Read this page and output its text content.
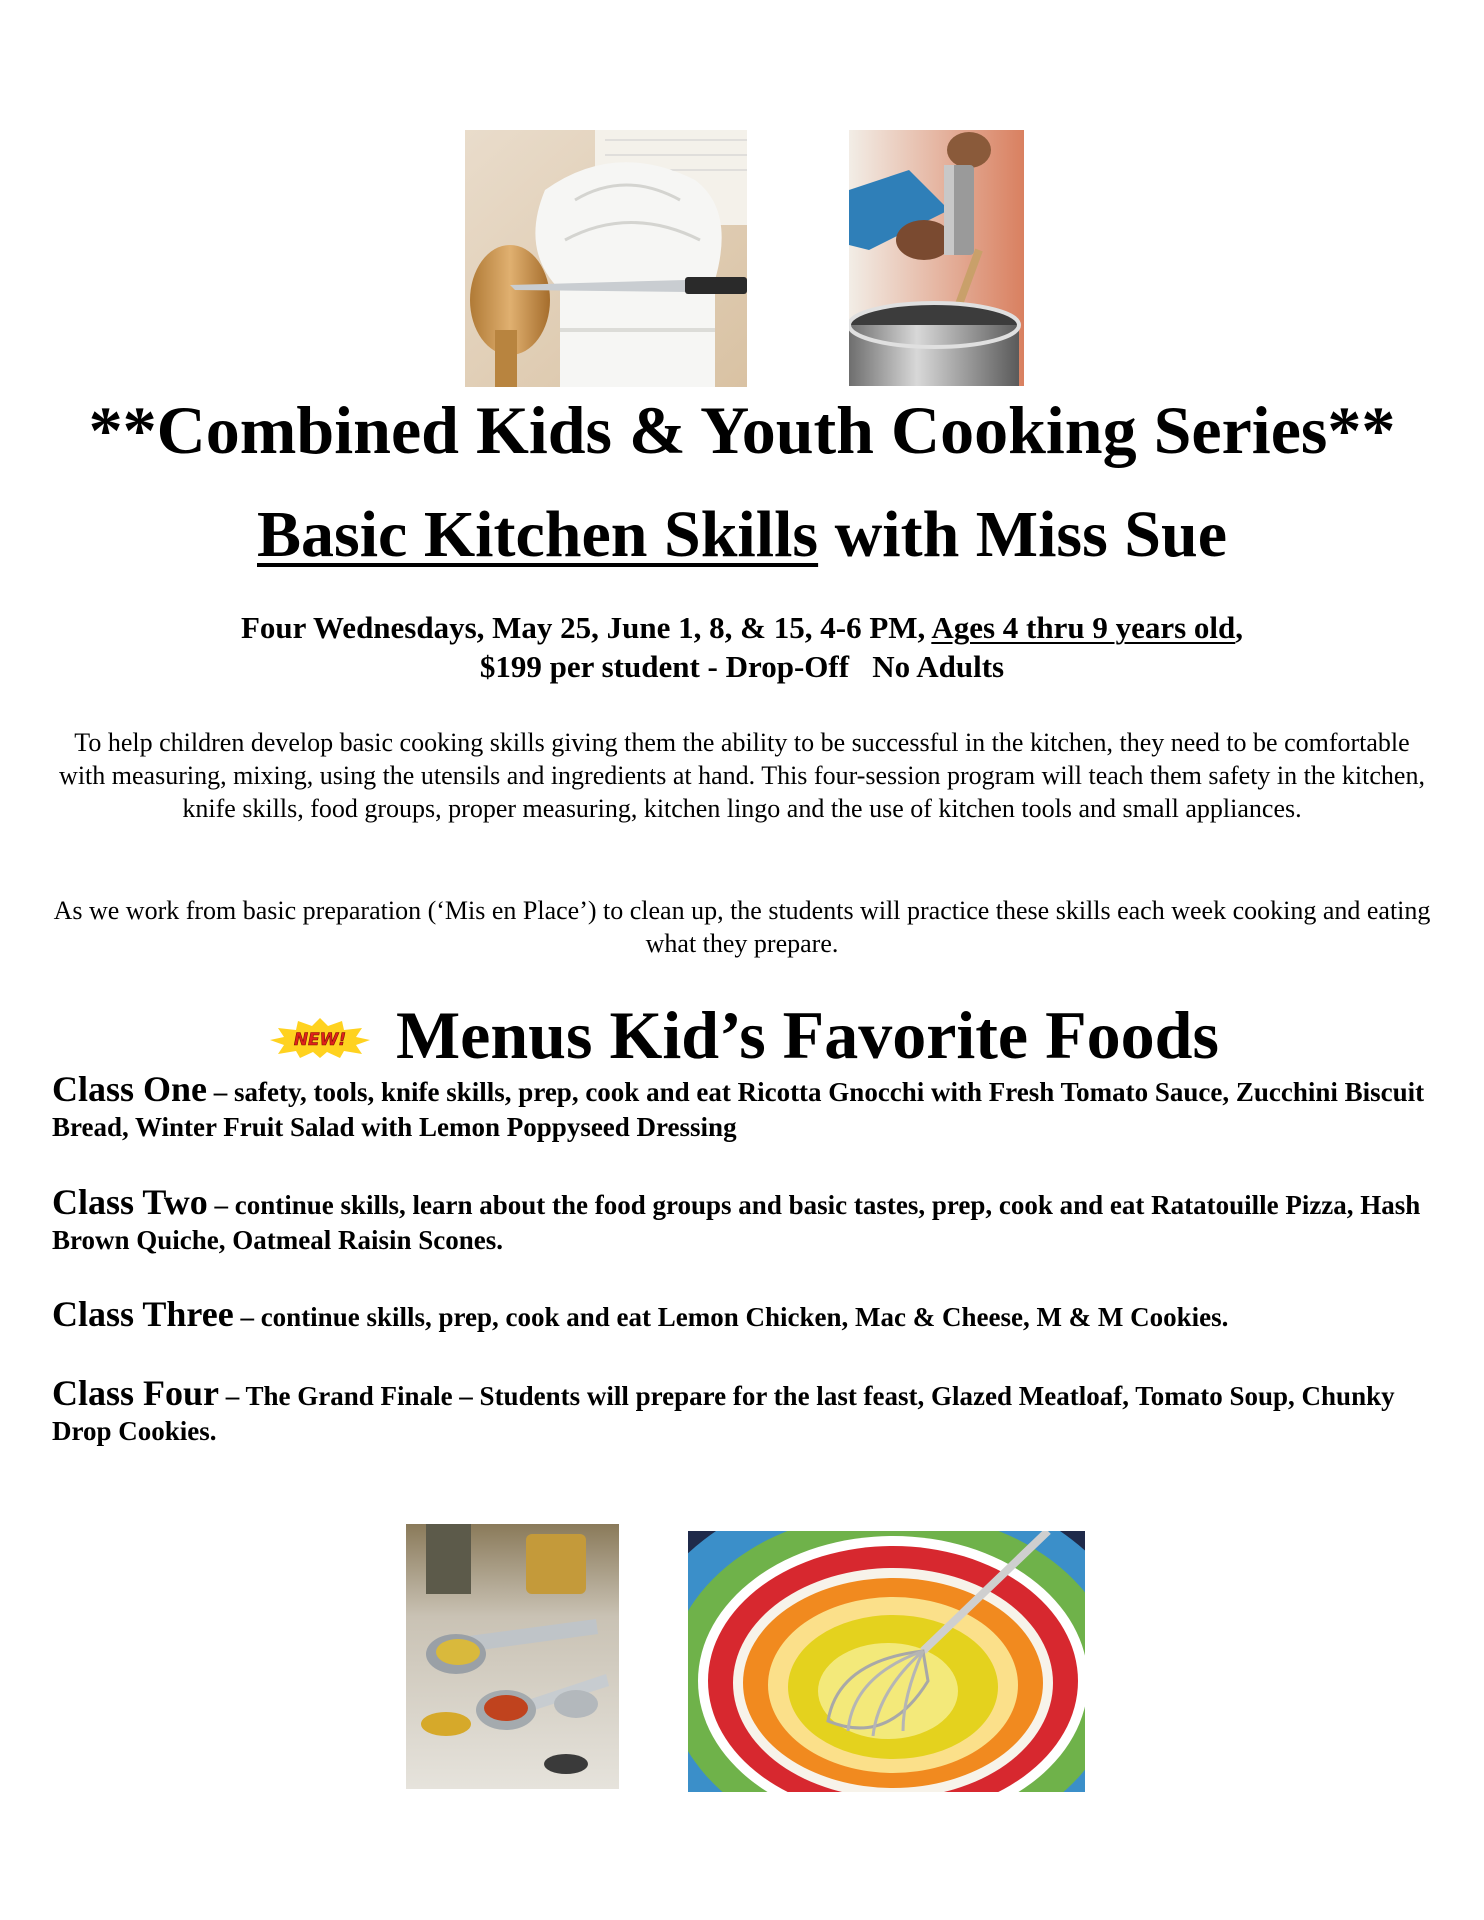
**Combined Kids & Youth Cooking Series**
Basic Kitchen Skills with Miss Sue
Four Wednesdays, May 25, June 1, 8, & 15, 4-6 PM, Ages 4 thru 9 years old,
$199 per student - Drop-Off   No Adults
To help children develop basic cooking skills giving them the ability to be successful in the kitchen, they need to be comfortable with measuring, mixing, using the utensils and ingredients at hand. This four-session program will teach them safety in the kitchen, knife skills, food groups, proper measuring, kitchen lingo and the use of kitchen tools and small appliances.
As we work from basic preparation (‘Mis en Place’) to clean up, the students will practice these skills each week cooking and eating what they prepare.
NEW! Menus Kid’s Favorite Foods
Class One – safety, tools, knife skills, prep, cook and eat Ricotta Gnocchi with Fresh Tomato Sauce, Zucchini Biscuit Bread, Winter Fruit Salad with Lemon Poppyseed Dressing
Class Two – continue skills, learn about the food groups and basic tastes, prep, cook and eat Ratatouille Pizza, Hash Brown Quiche, Oatmeal Raisin Scones.
Class Three – continue skills, prep, cook and eat Lemon Chicken, Mac & Cheese, M & M Cookies.
Class Four – The Grand Finale – Students will prepare for the last feast, Glazed Meatloaf, Tomato Soup, Chunky Drop Cookies.
